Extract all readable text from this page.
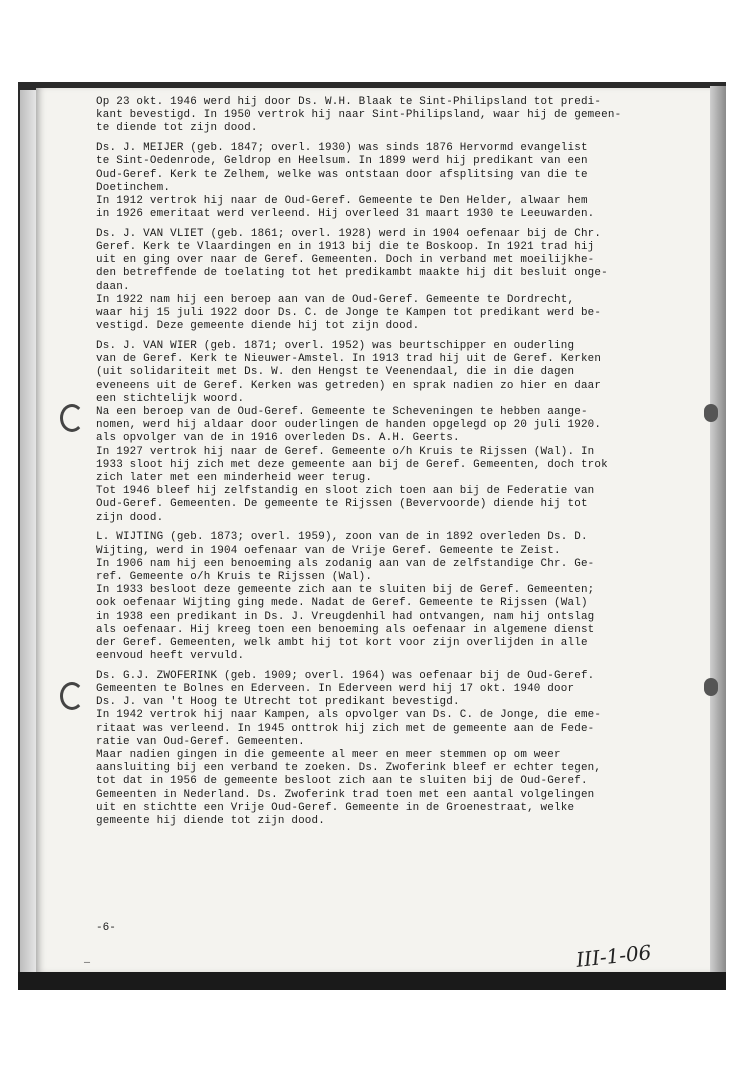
Op 23 okt. 1946 werd hij door Ds. W.H. Blaak te Sint-Philipsland tot predi-
kant bevestigd. In 1950 vertrok hij naar Sint-Philipsland, waar hij de gemeen-
te diende tot zijn dood.
Ds. J. MEIJER (geb. 1847; overl. 1930) was sinds 1876 Hervormd evangelist
te Sint-Oedenrode, Geldrop en Heelsum. In 1899 werd hij predikant van een
Oud-Geref. Kerk te Zelhem, welke was ontstaan door afsplitsing van die te
Doetinchem.
In 1912 vertrok hij naar de Oud-Geref. Gemeente te Den Helder, alwaar hem
in 1926 emeritaat werd verleend. Hij overleed 31 maart 1930 te Leeuwarden.
Ds. J. VAN VLIET (geb. 1861; overl. 1928) werd in 1904 oefenaar bij de Chr.
Geref. Kerk te Vlaardingen en in 1913 bij die te Boskoop. In 1921 trad hij
uit en ging over naar de Geref. Gemeenten. Doch in verband met moeilijkhe-
den betreffende de toelating tot het predikambt maakte hij dit besluit onge-
daan.
In 1922 nam hij een beroep aan van de Oud-Geref. Gemeente te Dordrecht,
waar hij 15 juli 1922 door Ds. C. de Jonge te Kampen tot predikant werd be-
vestigd. Deze gemeente diende hij tot zijn dood.
Ds. J. VAN WIER (geb. 1871; overl. 1952) was beurtschipper en ouderling
van de Geref. Kerk te Nieuwer-Amstel. In 1913 trad hij uit de Geref. Kerken
(uit solidariteit met Ds. W. den Hengst te Veenendaal, die in die dagen
eveneens uit de Geref. Kerken was getreden) en sprak nadien zo hier en daar
een stichtelijk woord.
Na een beroep van de Oud-Geref. Gemeente te Scheveningen te hebben aange-
nomen, werd hij aldaar door ouderlingen de handen opgelegd op 20 juli 1920.
als opvolger van de in 1916 overleden Ds. A.H. Geerts.
In 1927 vertrok hij naar de Geref. Gemeente o/h Kruis te Rijssen (Wal). In
1933 sloot hij zich met deze gemeente aan bij de Geref. Gemeenten, doch trok
zich later met een minderheid weer terug.
Tot 1946 bleef hij zelfstandig en sloot zich toen aan bij de Federatie van
Oud-Geref. Gemeenten. De gemeente te Rijssen (Bevervoorde) diende hij tot
zijn dood.
L. WIJTING (geb. 1873; overl. 1959), zoon van de in 1892 overleden Ds. D.
Wijting, werd in 1904 oefenaar van de Vrije Geref. Gemeente te Zeist.
In 1906 nam hij een benoeming als zodanig aan van de zelfstandige Chr. Ge-
ref. Gemeente o/h Kruis te Rijssen (Wal).
In 1933 besloot deze gemeente zich aan te sluiten bij de Geref. Gemeenten;
ook oefenaar Wijting ging mede. Nadat de Geref. Gemeente te Rijssen (Wal)
in 1938 een predikant in Ds. J. Vreugdenhil had ontvangen, nam hij ontslag
als oefenaar. Hij kreeg toen een benoeming als oefenaar in algemene dienst
der Geref. Gemeenten, welk ambt hij tot kort voor zijn overlijden in alle
eenvoud heeft vervuld.
Ds. G.J. ZWOFERINK (geb. 1909; overl. 1964) was oefenaar bij de Oud-Geref.
Gemeenten te Bolnes en Ederveen. In Ederveen werd hij 17 okt. 1940 door
Ds. J. van 't Hoog te Utrecht tot predikant bevestigd.
In 1942 vertrok hij naar Kampen, als opvolger van Ds. C. de Jonge, die eme-
ritaat was verleend. In 1945 onttrok hij zich met de gemeente aan de Fede-
ratie van Oud-Geref. Gemeenten.
Maar nadien gingen in die gemeente al meer en meer stemmen op om weer
aansluiting bij een verband te zoeken. Ds. Zwoferink bleef er echter tegen,
tot dat in 1956 de gemeente besloot zich aan te sluiten bij de Oud-Geref.
Gemeenten in Nederland. Ds. Zwoferink trad toen met een aantal volgelingen
uit en stichtte een Vrije Oud-Geref. Gemeente in de Groenestraat, welke
gemeente hij diende tot zijn dood.
-6-
—	III-1-06
